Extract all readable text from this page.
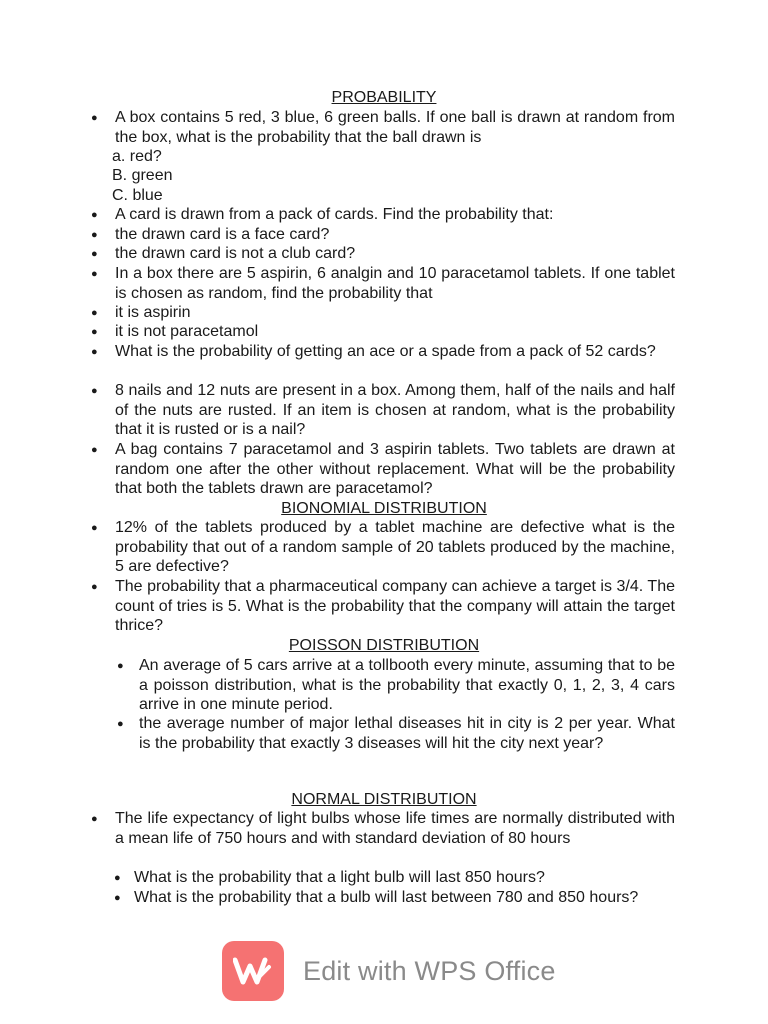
PROBABILITY
● A box contains 5 red, 3 blue, 6 green balls. If one ball is drawn at random from the box, what is the probability that the ball drawn is
a. red?
B. green
C. blue
● A card is drawn from a pack of cards. Find the probability that:
● the drawn card is a face card?
● the drawn card is not a club card?
● In a box there are 5 aspirin, 6 analgin and 10 paracetamol tablets. If one tablet is chosen as random, find the probability that
● it is aspirin
● it is not paracetamol
● What is the probability of getting an ace or a spade from a pack of 52 cards?
● 8 nails and 12 nuts are present in a box. Among them, half of the nails and half of the nuts are rusted. If an item is chosen at random, what is the probability that it is rusted or is a nail?
● A bag contains 7 paracetamol and 3 aspirin tablets. Two tablets are drawn at random one after the other without replacement. What will be the probability that both the tablets drawn are paracetamol?
BIONOMIAL DISTRIBUTION
● 12% of the tablets produced by a tablet machine are defective what is the probability that out of a random sample of 20 tablets produced by the machine, 5 are defective?
● The probability that a pharmaceutical company can achieve a target is 3/4. The count of tries is 5. What is the probability that the company will attain the target thrice?
POISSON DISTRIBUTION
● An average of 5 cars arrive at a tollbooth every minute, assuming that to be a poisson distribution, what is the probability that exactly 0, 1, 2, 3, 4 cars arrive in one minute period.
● the average number of major lethal diseases hit in city is 2 per year. What is the probability that exactly 3 diseases will hit the city next year?
NORMAL DISTRIBUTION
● The life expectancy of light bulbs whose life times are normally distributed with a mean life of 750 hours and with standard deviation of 80 hours
● What is the probability that a light bulb will last 850 hours?
● What is the probability that a bulb will last between 780 and 850 hours?
Edit with WPS Office
